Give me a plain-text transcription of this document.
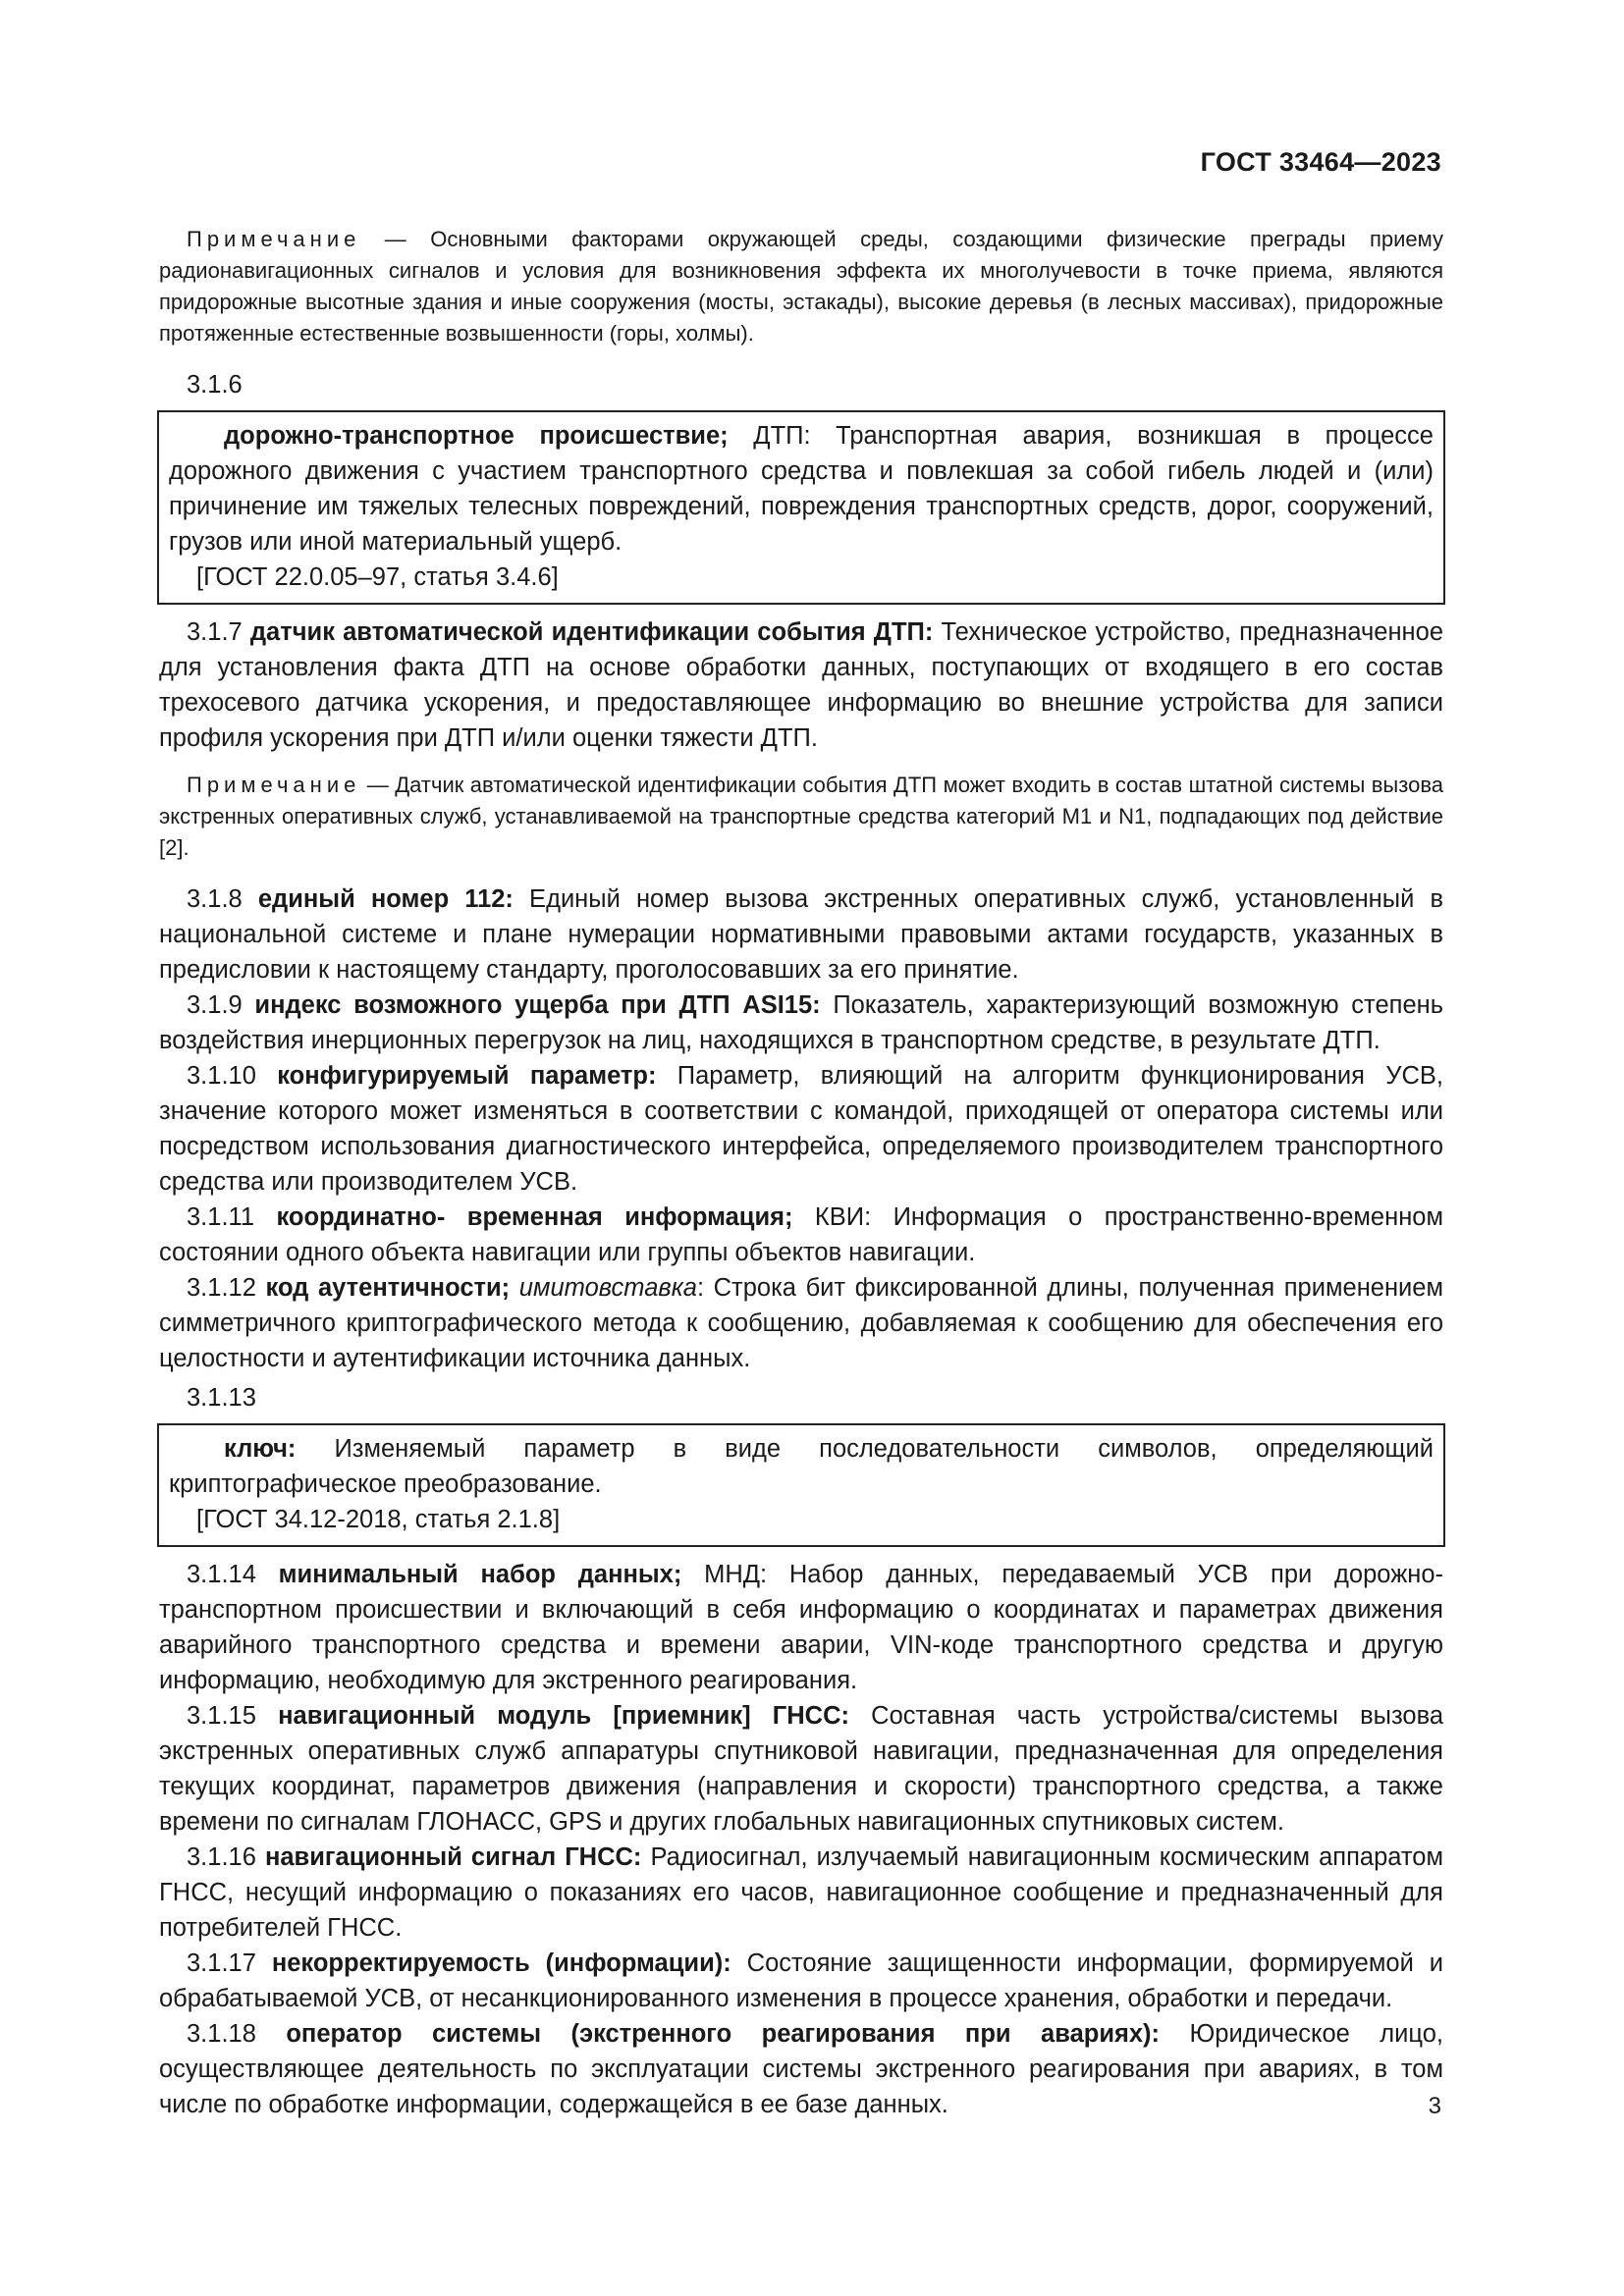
ГОСТ 33464—2023

Примечание — Основными факторами окружающей среды, создающими физические преграды приему радионавигационных сигналов и условия для возникновения эффекта их многолучевости в точке приема, являются придорожные высотные здания и иные сооружения (мосты, эстакады), высокие деревья (в лесных массивах), придорожные протяженные естественные возвышенности (горы, холмы).

3.1.6

дорожно-транспортное происшествие; ДТП: Транспортная авария, возникшая в процессе дорожного движения с участием транспортного средства и повлекшая за собой гибель людей и (или) причинение им тяжелых телесных повреждений, повреждения транспортных средств, дорог, сооружений, грузов или иной материальный ущерб.

[ГОСТ 22.0.05–97, статья 3.4.6]

3.1.7 датчик автоматической идентификации события ДТП: Техническое устройство, предназначенное для установления факта ДТП на основе обработки данных, поступающих от входящего в его состав трехосевого датчика ускорения, и предоставляющее информацию во внешние устройства для записи профиля ускорения при ДТП и/или оценки тяжести ДТП.

Примечание — Датчик автоматической идентификации события ДТП может входить в состав штатной системы вызова экстренных оперативных служб, устанавливаемой на транспортные средства категорий M1 и N1, подпадающих под действие [2].

3.1.8 единый номер 112: Единый номер вызова экстренных оперативных служб, установленный в национальной системе и плане нумерации нормативными правовыми актами государств, указанных в предисловии к настоящему стандарту, проголосовавших за его принятие.

3.1.9 индекс возможного ущерба при ДТП ASI15: Показатель, характеризующий возможную степень воздействия инерционных перегрузок на лиц, находящихся в транспортном средстве, в результате ДТП.

3.1.10 конфигурируемый параметр: Параметр, влияющий на алгоритм функционирования УСВ, значение которого может изменяться в соответствии с командой, приходящей от оператора системы или посредством использования диагностического интерфейса, определяемого производителем транспортного средства или производителем УСВ.

3.1.11 координатно- временная информация; КВИ: Информация о пространственно-временном состоянии одного объекта навигации или группы объектов навигации.

3.1.12 код аутентичности; имитовставка: Строка бит фиксированной длины, полученная применением симметричного криптографического метода к сообщению, добавляемая к сообщению для обеспечения его целостности и аутентификации источника данных.

3.1.13

ключ: Изменяемый параметр в виде последовательности символов, определяющий криптографическое преобразование.

[ГОСТ 34.12-2018, статья 2.1.8]

3.1.14 минимальный набор данных; МНД: Набор данных, передаваемый УСВ при дорожно-транспортном происшествии и включающий в себя информацию о координатах и параметрах движения аварийного транспортного средства и времени аварии, VIN-коде транспортного средства и другую информацию, необходимую для экстренного реагирования.

3.1.15 навигационный модуль [приемник] ГНСС: Составная часть устройства/системы вызова экстренных оперативных служб аппаратуры спутниковой навигации, предназначенная для определения текущих координат, параметров движения (направления и скорости) транспортного средства, а также времени по сигналам ГЛОНАСС, GPS и других глобальных навигационных спутниковых систем.

3.1.16 навигационный сигнал ГНСС: Радиосигнал, излучаемый навигационным космическим аппаратом ГНСС, несущий информацию о показаниях его часов, навигационное сообщение и предназначенный для потребителей ГНСС.

3.1.17 некорректируемость (информации): Состояние защищенности информации, формируемой и обрабатываемой УСВ, от несанкционированного изменения в процессе хранения, обработки и передачи.

3.1.18 оператор системы (экстренного реагирования при авариях): Юридическое лицо, осуществляющее деятельность по эксплуатации системы экстренного реагирования при авариях, в том числе по обработке информации, содержащейся в ее базе данных.	3
